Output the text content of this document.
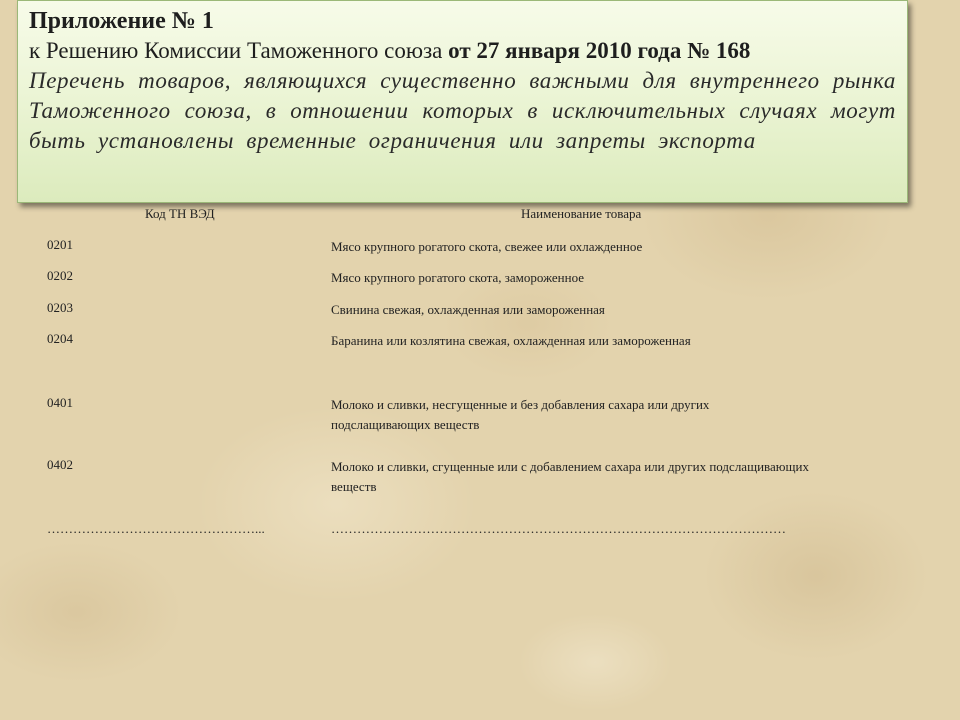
Приложение № 1
к Решению Комиссии Таможенного союза от 27 января 2010 года № 168
Перечень товаров, являющихся существенно важными для внутреннего рынка Таможенного союза, в отношении которых в исключительных случаях могут быть установлены временные ограничения или запреты экспорта
Код ТН ВЭД	Наименование товара
0201	Мясо крупного рогатого скота, свежее или охлажденное
0202	Мясо крупного рогатого скота, замороженное
0203	Свинина свежая, охлажденная или замороженная
0204	Баранина или козлятина свежая, охлажденная или замороженная
0401	Молоко и сливки, несгущенные и без добавления сахара или других подслащивающих веществ
0402	Молоко и сливки, сгущенные или с добавлением сахара или других подслащивающих веществ
…………………………………………...	……………………………………………………………………………………………
